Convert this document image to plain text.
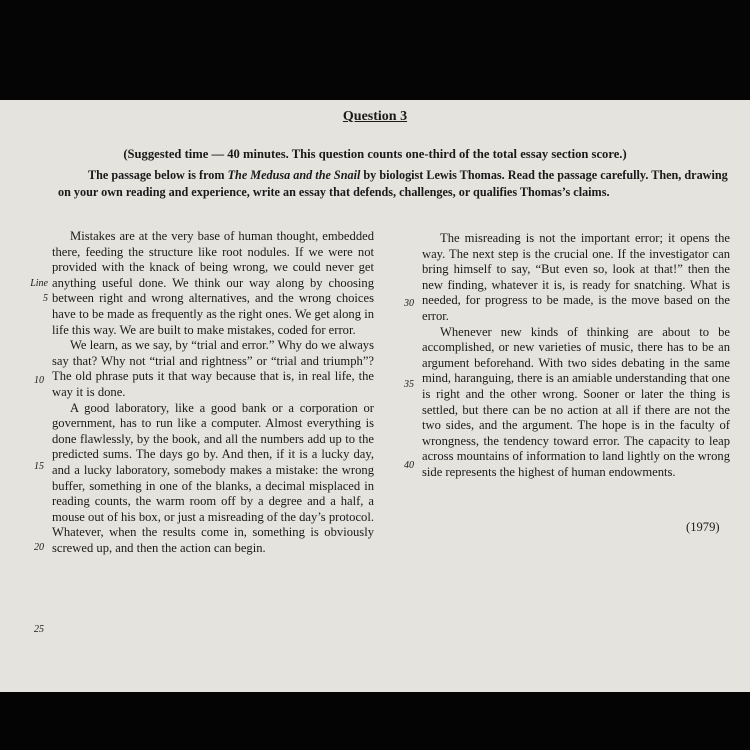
Question 3
(Suggested time — 40 minutes. This question counts one-third of the total essay section score.)
The passage below is from The Medusa and the Snail by biologist Lewis Thomas. Read the passage carefully. Then, drawing on your own reading and experience, write an essay that defends, challenges, or qualifies Thomas’s claims.

Mistakes are at the very base of human thought, embedded there, feeding the structure like root nodules. If we were not provided with the knack of being wrong, we could never get anything useful done. We think our way along by choosing between right and wrong alternatives, and the wrong choices have to be made as frequently as the right ones. We get along in life this way. We are built to make mistakes, coded for error.

We learn, as we say, by “trial and error.” Why do we always say that? Why not “trial and rightness” or “trial and triumph”? The old phrase puts it that way because that is, in real life, the way it is done.

A good laboratory, like a good bank or a corporation or government, has to run like a computer. Almost everything is done flawlessly, by the book, and all the numbers add up to the predicted sums. The days go by. And then, if it is a lucky day, and a lucky laboratory, somebody makes a mistake: the wrong buffer, something in one of the blanks, a decimal misplaced in reading counts, the warm room off by a degree and a half, a mouse out of his box, or just a misreading of the day’s protocol. Whatever, when the results come in, something is obviously screwed up, and then the action can begin.

The misreading is not the important error; it opens the way. The next step is the crucial one. If the investigator can bring himself to say, “But even so, look at that!” then the new finding, whatever it is, is ready for snatching. What is needed, for progress to be made, is the move based on the error.

Whenever new kinds of thinking are about to be accomplished, or new varieties of music, there has to be an argument beforehand. With two sides debating in the same mind, haranguing, there is an amiable understanding that one is right and the other wrong. Sooner or later the thing is settled, but there can be no action at all if there are not the two sides, and the argument. The hope is in the faculty of wrongness, the tendency toward error. The capacity to leap across mountains of information to land lightly on the wrong side represents the highest of human endowments.

Line
5
10
15
20
25
30
35
40
(1979)
